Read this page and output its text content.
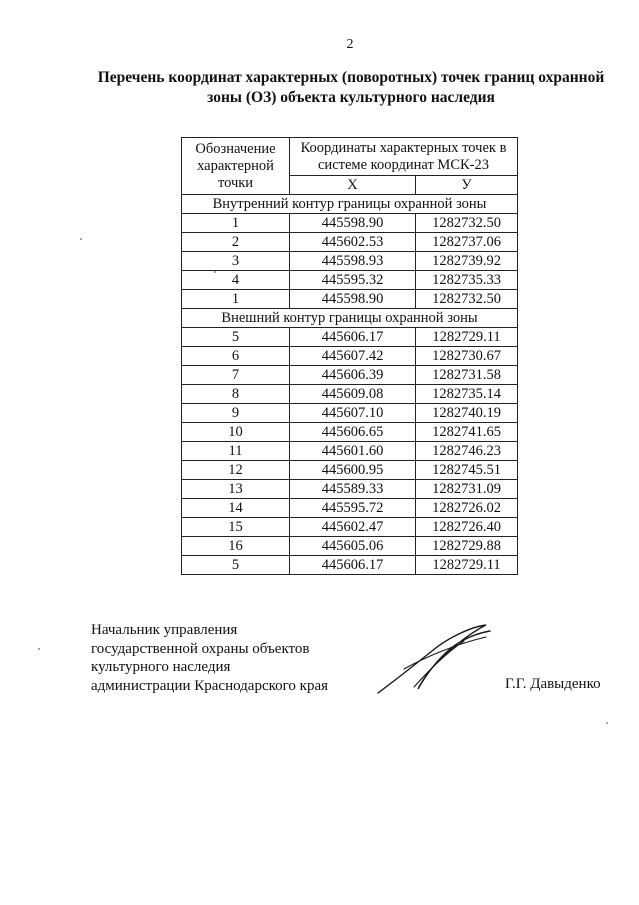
2
Перечень координат характерных (поворотных) точек границ охранной
зоны (ОЗ) объекта культурного наследия
Обозначение характерной точки	Координаты характерных точек в системе координат МСК-23	
	X	У
Внутренний контур границы охранной зоны		
1	445598.90	1282732.50
2	445602.53	1282737.06
3	445598.93	1282739.92
4	445595.32	1282735.33
1	445598.90	1282732.50
Внешний контур границы охранной зоны		
5	445606.17	1282729.11
6	445607.42	1282730.67
7	445606.39	1282731.58
8	445609.08	1282735.14
9	445607.10	1282740.19
10	445606.65	1282741.65
11	445601.60	1282746.23
12	445600.95	1282745.51
13	445589.33	1282731.09
14	445595.72	1282726.02
15	445602.47	1282726.40
16	445605.06	1282729.88
5	445606.17	1282729.11
Начальник управления
государственной охраны объектов
культурного наследия
администрации Краснодарского края	Г.Г. Давыденко
